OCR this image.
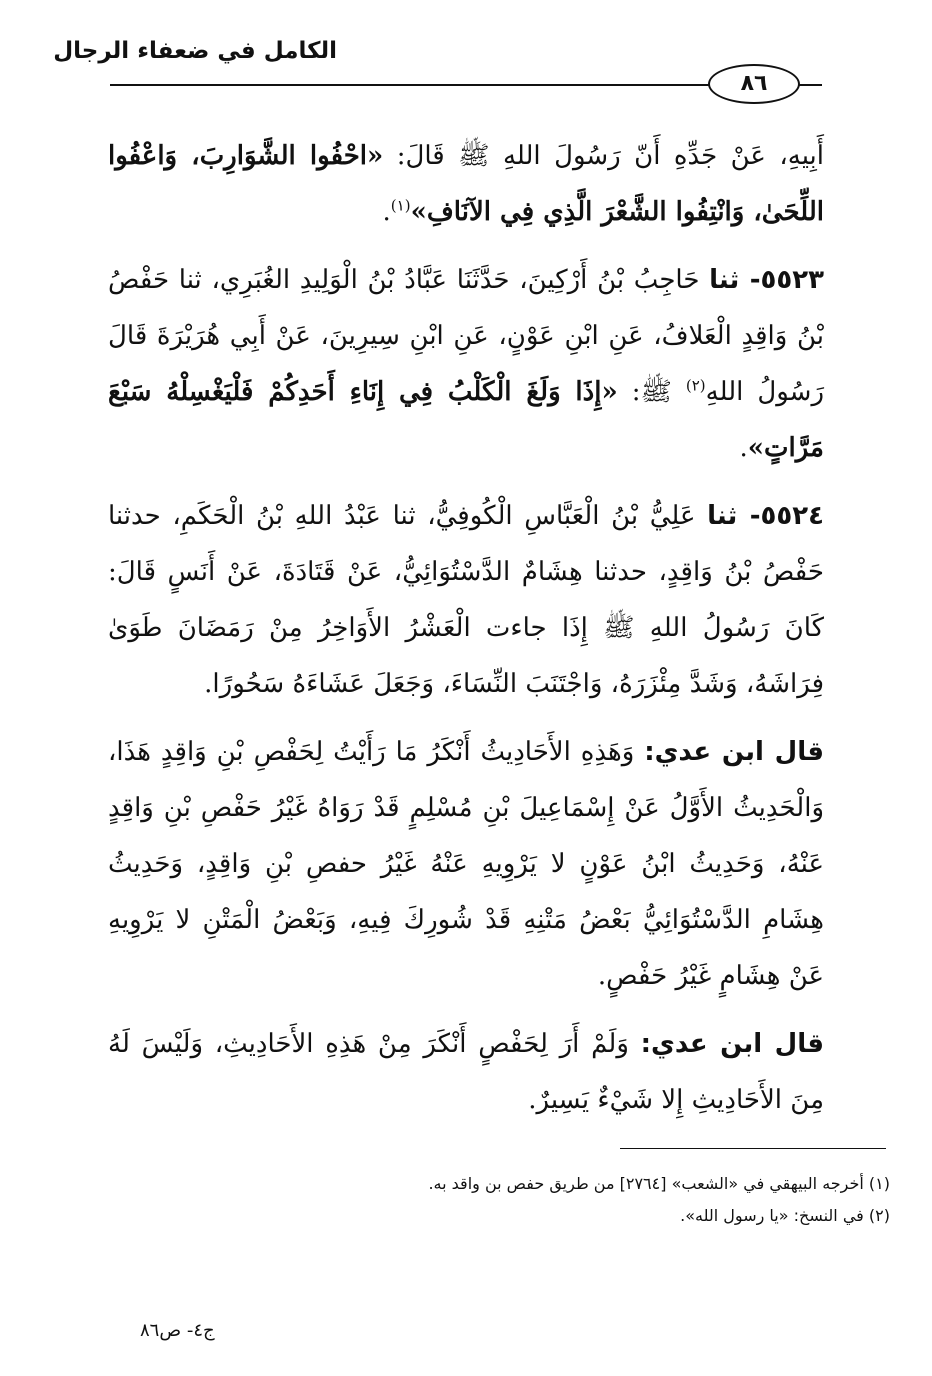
الكامل في ضعفاء الرجال
٨٦

أَبِيهِ، عَنْ جَدِّهِ أَنّ رَسُولَ اللهِ ﷺ قَالَ: «احْفُوا الشَّوَارِبَ، وَاعْفُوا اللِّحَىٰ، وَانْتِفُوا الشَّعْرَ الَّذِي فِي الآنَافِ»$^{(١)}$.

٥٥٢٣- ثنا حَاجِبُ بْنُ أَرْكِينَ، حَدَّثَنَا عَبَّادُ بْنُ الْوَلِيدِ الغُبَرِي، ثنا حَفْصُ بْنُ وَاقِدٍ الْعَلافُ، عَنِ ابْنِ عَوْنٍ، عَنِ ابْنِ سِيرِينَ، عَنْ أَبِي هُرَيْرَةَ قَالَ رَسُولُ اللهِ$^{(٢)}$ ﷺ: «إِذَا وَلَغَ الْكَلْبُ فِي إِنَاءِ أَحَدِكُمْ فَلْيَغْسِلْهُ سَبْعَ مَرَّاتٍ».

٥٥٢٤- ثنا عَلِيُّ بْنُ الْعَبَّاسِ الْكُوفِيُّ، ثنا عَبْدُ اللهِ بْنُ الْحَكَمِ، حدثنا حَفْصُ بْنُ وَاقِدٍ، حدثنا هِشَامٌ الدَّسْتُوَائِيُّ، عَنْ قَتَادَةَ، عَنْ أَنَسٍ قَالَ: كَانَ رَسُولُ اللهِ ﷺ إِذَا جاءت الْعَشْرُ الأَوَاخِرُ مِنْ رَمَضَانَ طَوَىٰ فِرَاشَهُ، وَشَدَّ مِئْزَرَهُ، وَاجْتَنَبَ النِّسَاءَ، وَجَعَلَ عَشَاءَهُ سَحُورًا.

قال ابن عدي: وَهَذِهِ الأَحَادِيثُ أَنْكَرُ مَا رَأَيْتُ لِحَفْصِ بْنِ وَاقِدٍ هَذَا، وَالْحَدِيثُ الأَوَّلُ عَنْ إِسْمَاعِيلَ بْنِ مُسْلِمٍ قَدْ رَوَاهُ غَيْرُ حَفْصِ بْنِ وَاقِدٍ عَنْهُ، وَحَدِيثُ ابْنُ عَوْنٍ لا يَرْوِيهِ عَنْهُ غَيْرُ حفصِ بْنِ وَاقِدٍ، وَحَدِيثُ هِشَامِ الدَّسْتُوَائِيُّ بَعْضُ مَتْنِهِ قَدْ شُورِكَ فِيهِ، وَبَعْضُ الْمَتْنِ لا يَرْوِيهِ عَنْ هِشَامٍ غَيْرُ حَفْصٍ.

قال ابن عدي: وَلَمْ أَرَ لِحَفْصٍ أَنْكَرَ مِنْ هَذِهِ الأَحَادِيثِ، وَلَيْسَ لَهُ مِنَ الأَحَادِيثِ إِلا شَيْءٌ يَسِيرٌ.

(١) أخرجه البيهقي في «الشعب» [٢٧٦٤] من طريق حفص بن واقد به.

(٢) في النسخ: «يا رسول الله».

ج٤- ص٨٦
